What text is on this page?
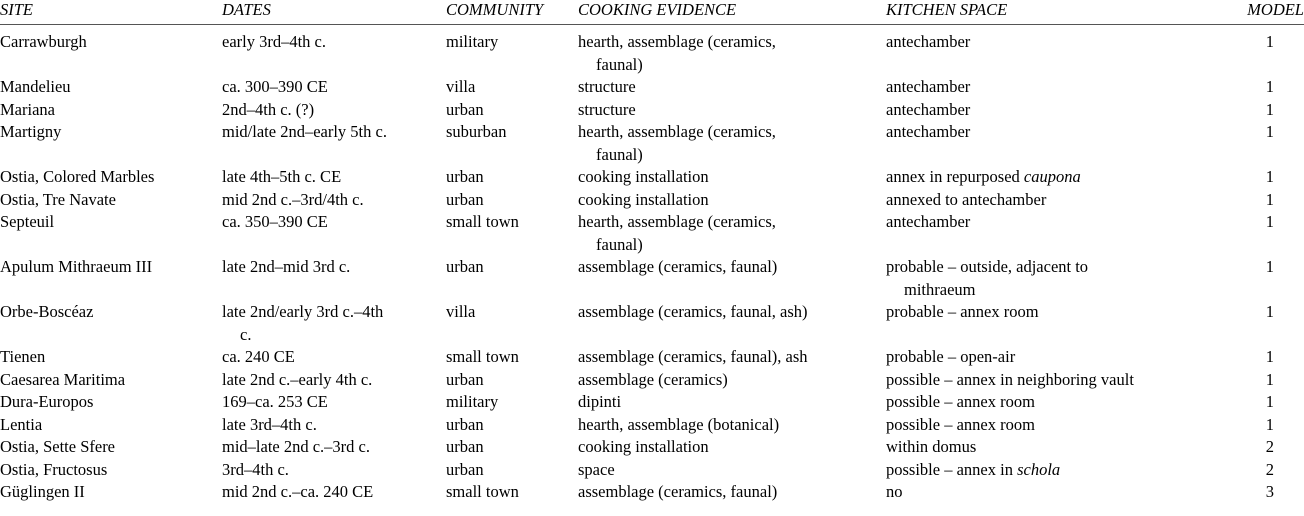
SITE	DATES	COMMUNITY	COOKING EVIDENCE	KITCHEN SPACE	MODEL
Carrawburgh	early 3rd–4th c.	military	hearth, assemblage (ceramics,
faunal)	antechamber	1
Mandelieu	ca. 300–390 CE	villa	structure	antechamber	1
Mariana	2nd–4th c. (?)	urban	structure	antechamber	1
Martigny	mid/late 2nd–early 5th c.	suburban	hearth, assemblage (ceramics,
faunal)	antechamber	1
Ostia, Colored Marbles	late 4th–5th c. CE	urban	cooking installation	annex in repurposed caupona	1
Ostia, Tre Navate	mid 2nd c.–3rd/4th c.	urban	cooking installation	annexed to antechamber	1
Septeuil	ca. 350–390 CE	small town	hearth, assemblage (ceramics,
faunal)	antechamber	1
Apulum Mithraeum III	late 2nd–mid 3rd c.	urban	assemblage (ceramics, faunal)	probable – outside, adjacent to
mithraeum	1
Orbe-Boscéaz	late 2nd/early 3rd c.–4th
c.	villa	assemblage (ceramics, faunal, ash)	probable – annex room	1
Tienen	ca. 240 CE	small town	assemblage (ceramics, faunal), ash	probable – open-air	1
Caesarea Maritima	late 2nd c.–early 4th c.	urban	assemblage (ceramics)	possible – annex in neighboring vault	1
Dura-Europos	169–ca. 253 CE	military	dipinti	possible – annex room	1
Lentia	late 3rd–4th c.	urban	hearth, assemblage (botanical)	possible – annex room	1
Ostia, Sette Sfere	mid–late 2nd c.–3rd c.	urban	cooking installation	within domus	2
Ostia, Fructosus	3rd–4th c.	urban	space	possible – annex in schola	2
Güglingen II	mid 2nd c.–ca. 240 CE	small town	assemblage (ceramics, faunal)	no	3
